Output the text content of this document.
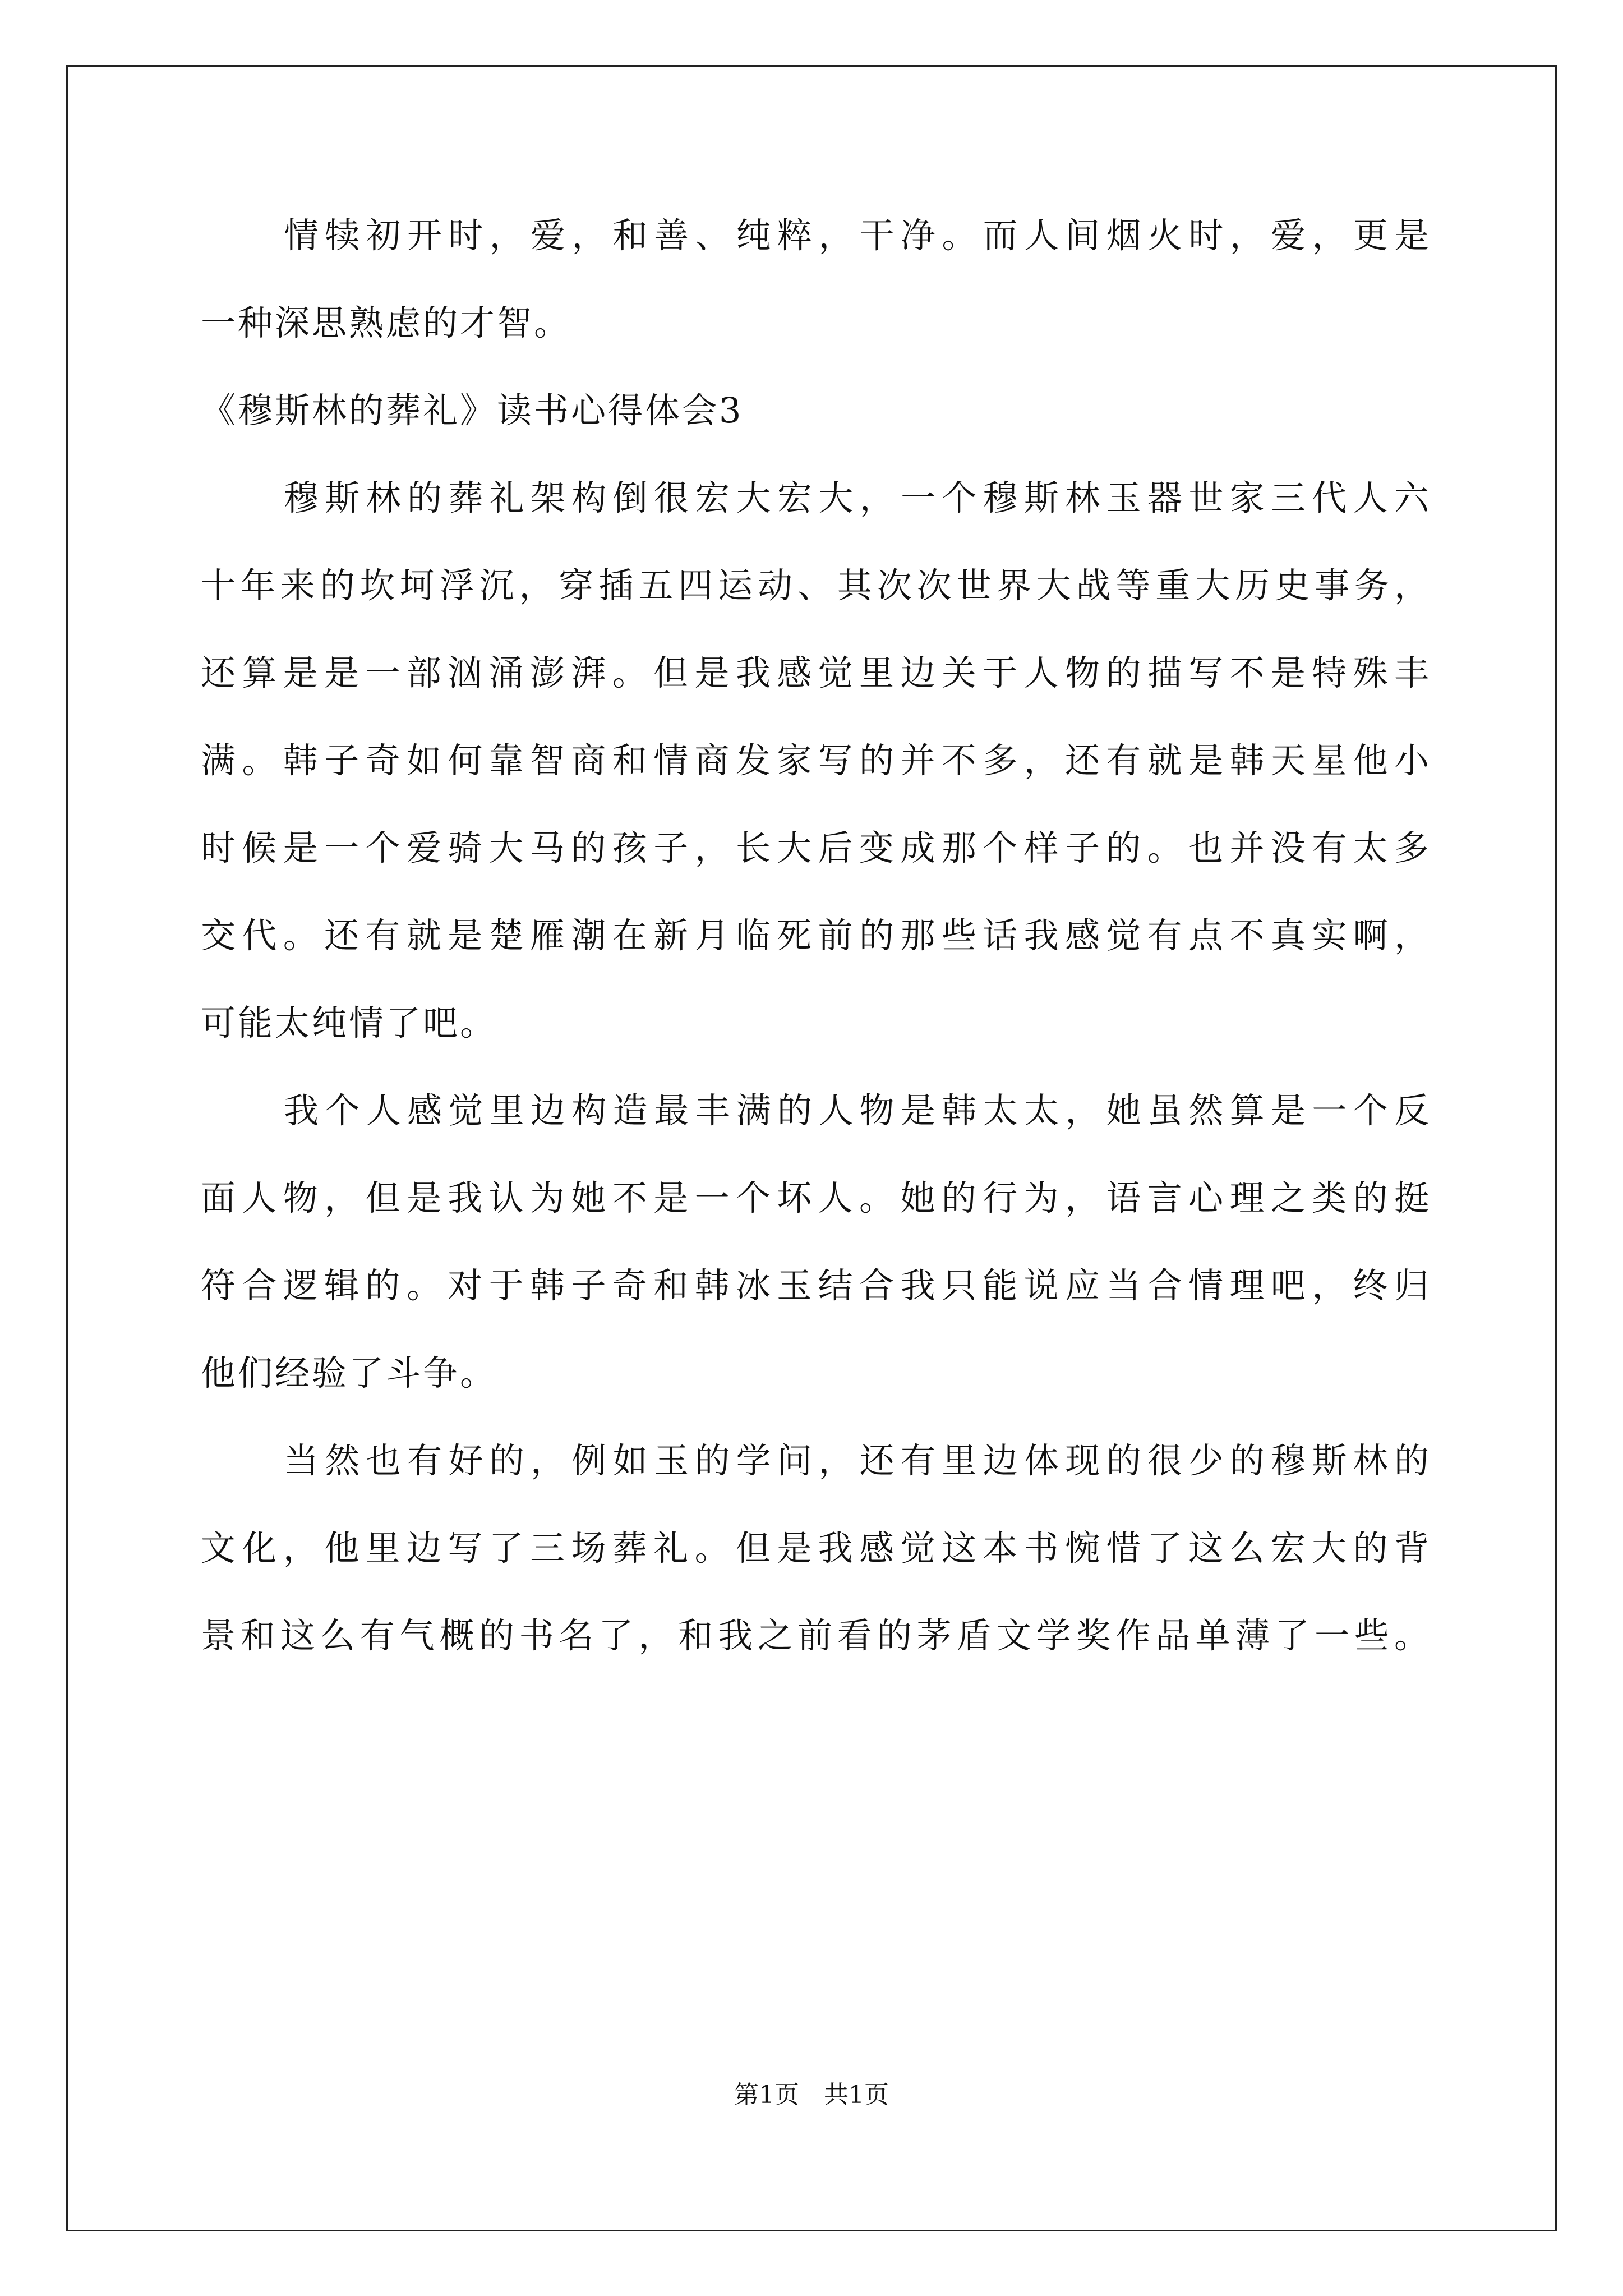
情犊初开时，爱，和善、纯粹，干净。而人间烟火时，爱，更是
一种深思熟虑的才智。
《穆斯林的葬礼》读书心得体会3
穆斯林的葬礼架构倒很宏大宏大，一个穆斯林玉器世家三代人六
十年来的坎坷浮沉，穿插五四运动、其次次世界大战等重大历史事务，
还算是是一部汹涌澎湃。但是我感觉里边关于人物的描写不是特殊丰
满。韩子奇如何靠智商和情商发家写的并不多，还有就是韩天星他小
时候是一个爱骑大马的孩子，长大后变成那个样子的。也并没有太多
交代。还有就是楚雁潮在新月临死前的那些话我感觉有点不真实啊，
可能太纯情了吧。
我个人感觉里边构造最丰满的人物是韩太太，她虽然算是一个反
面人物，但是我认为她不是一个坏人。她的行为，语言心理之类的挺
符合逻辑的。对于韩子奇和韩冰玉结合我只能说应当合情理吧，终归
他们经验了斗争。
当然也有好的，例如玉的学问，还有里边体现的很少的穆斯林的
文化，他里边写了三场葬礼。但是我感觉这本书惋惜了这么宏大的背
景和这么有气概的书名了，和我之前看的茅盾文学奖作品单薄了一些。
第1页　共1页
